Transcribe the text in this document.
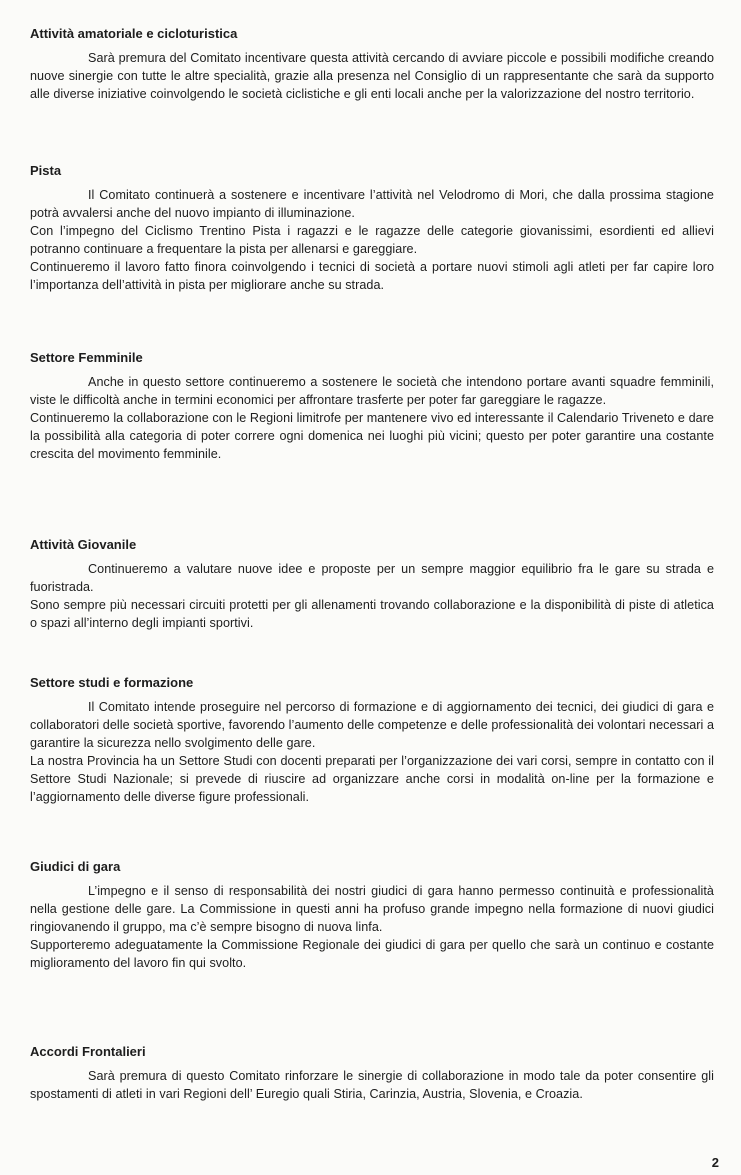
Attività amatoriale e cicloturistica

Sarà premura del Comitato incentivare questa attività cercando di avviare piccole e possibili modifiche creando nuove sinergie con tutte le altre specialità, grazie alla presenza nel Consiglio di un rappresentante che sarà da supporto alle diverse iniziative coinvolgendo le società ciclistiche e gli enti locali anche per la valorizzazione del nostro territorio.

Pista

Il Comitato continuerà a sostenere e incentivare l’attività nel Velodromo di Mori, che dalla prossima stagione potrà avvalersi anche del nuovo impianto di illuminazione.

Con l’impegno del Ciclismo Trentino Pista i ragazzi e le ragazze delle categorie giovanissimi, esordienti ed allievi potranno continuare a frequentare la pista per allenarsi e gareggiare.

Continueremo il lavoro fatto finora coinvolgendo i tecnici di società a portare nuovi stimoli agli atleti per far capire loro l’importanza dell’attività in pista per migliorare anche su strada.

Settore Femminile

Anche in questo settore continueremo a sostenere le società che intendono portare avanti squadre femminili, viste le difficoltà anche in termini economici per affrontare trasferte per poter far gareggiare le ragazze.

Continueremo la collaborazione con le Regioni limitrofe per mantenere vivo ed interessante il Calendario Triveneto e dare la possibilità alla categoria di poter correre ogni domenica nei luoghi più vicini; questo per poter garantire una costante crescita del movimento femminile.

Attività Giovanile

Continueremo a valutare nuove idee e proposte per un sempre maggior equilibrio fra le gare su strada e fuoristrada.

Sono sempre più necessari circuiti protetti per gli allenamenti trovando collaborazione e la disponibilità di piste di atletica o spazi all’interno degli impianti sportivi.

Settore studi e formazione

Il Comitato intende proseguire nel percorso di formazione e di aggiornamento dei tecnici, dei giudici di gara e collaboratori delle società sportive, favorendo l’aumento delle competenze e delle professionalità dei volontari necessari a garantire la sicurezza nello svolgimento delle gare.

La nostra Provincia ha un Settore Studi con docenti preparati per l’organizzazione dei vari corsi, sempre in contatto con il Settore Studi Nazionale; si prevede di riuscire ad organizzare anche corsi in modalità on-line per la formazione e l’aggiornamento delle diverse figure professionali.

Giudici di gara

L’impegno e il senso di responsabilità dei nostri giudici di gara hanno permesso continuità e professionalità nella gestione delle gare. La Commissione in questi anni ha profuso grande impegno nella formazione di nuovi giudici ringiovanendo il gruppo, ma c’è sempre bisogno di nuova linfa.

Supporteremo adeguatamente la Commissione Regionale dei giudici di gara per quello che sarà un continuo e costante miglioramento del lavoro fin qui svolto.

Accordi Frontalieri

Sarà premura di questo Comitato rinforzare le sinergie di collaborazione in modo tale da poter consentire gli spostamenti di atleti in vari Regioni dell’ Euregio quali Stiria, Carinzia, Austria, Slovenia, e Croazia.

2
